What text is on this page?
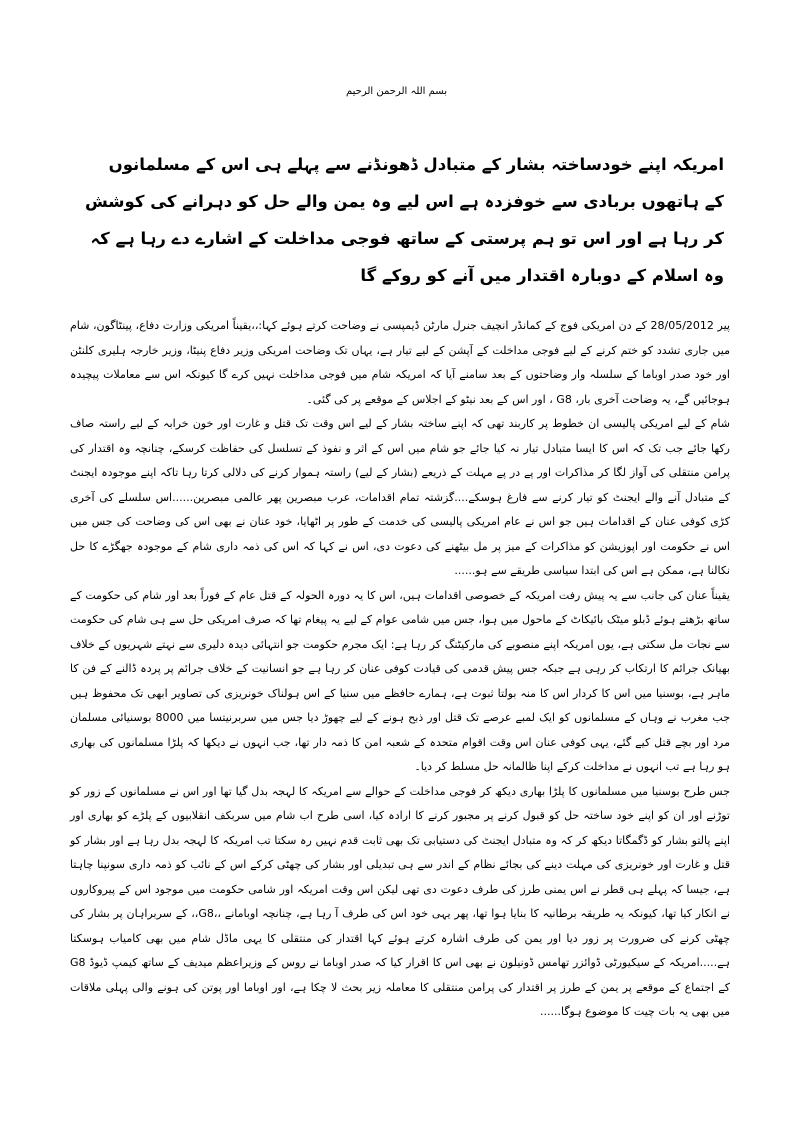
بسم اللہ الرحمن الرحیم
امریکہ اپنے خودساختہ بشار کے متبادل ڈھونڈنے سے پہلے ہی اس کے مسلمانوں کے ہاتھوں بربادی سے خوفزدہ ہے اس لیے وہ یمن والے حل کو دہرانے کی کوشش کر رہا ہے اور اس تو ہم پرستی کے ساتھ فوجی مداخلت کے اشارے دے رہا ہے کہ وہ اسلام کے دوبارہ اقتدار میں آنے کو روکے گا

پیر 28/05/2012 کے دن امریکی فوج کے کمانڈر انچیف جنرل مارٹن ڈیمپسی نے وضاحت کرتے ہوئے کہا:،،یقیناً امریکی وزارت دفاع، پینٹاگون، شام میں جاری تشدد کو ختم کرنے کے لیے فوجی مداخلت کے آپشن کے لیے تیار ہے، یہاں تک وضاحت امریکی وزیر دفاع پنیٹا، وزیر خارجہ ہلیری کلنٹن اور خود صدر اوباما کے سلسلہ وار وضاحتوں کے بعد سامنے آیا کہ امریکہ شام میں فوجی مداخلت نہیں کرے گا کیونکہ اس سے معاملات پیچیدہ ہوجائیں گے، یہ وضاحت آخری بار، G8 ، اور اس کے بعد نیٹو کے اجلاس کے موقعے پر کی گئی۔

شام کے لیے امریکی پالیسی ان خطوط پر کاربند تھی کہ اپنے ساختہ بشار کے لیے اس وقت تک قتل و غارت اور خون خرابہ کے لیے راستہ صاف رکھا جائے جب تک کہ اس کا ایسا متبادل تیار نہ کیا جائے جو شام میں اس کے اثر و نفوذ کے تسلسل کی حفاظت کرسکے، چنانچہ وہ اقتدار کی پرامن منتقلی کی آواز لگا کر مذاکرات اور پے در پے مہلت کے ذریعے (بشار کے لیے) راستہ ہموار کرنے کی دلالی کرتا رہا تاکہ اپنے موجودہ ایجنٹ کے متبادل آنے والے ایجنٹ کو تیار کرنے سے فارغ ہوسکے....گزشتہ تمام اقدامات، عرب مبصرین پھر عالمی مبصرین......اس سلسلے کی آخری کڑی کوفی عنان کے اقدامات ہیں جو اس نے عام امریکی پالیسی کی خدمت کے طور پر اٹھایا، خود عنان نے بھی اس کی وضاحت کی جس میں اس نے حکومت اور اپوزیشن کو مذاکرات کے میز پر مل بیٹھنے کی دعوت دی، اس نے کہا کہ اس کی ذمہ داری شام کے موجودہ جھگڑے کا حل نکالنا ہے، ممکن ہے اس کی ابتدا سیاسی طریقے سے ہو......

یقیناً عنان کی جانب سے یہ پیش رفت امریکہ کے خصوصی اقدامات ہیں، اس کا یہ دورہ الحولہ کے قتل عام کے فوراً بعد اور شام کی حکومت کے ساتھ بڑھتے ہوئے ڈبلو میٹک بائیکاٹ کے ماحول میں ہوا، جس میں شامی عوام کے لیے یہ پیغام تھا کہ صرف امریکی حل سے ہی شام کی حکومت سے نجات مل سکتی ہے، یوں امریکہ اپنے منصوبے کی مارکیٹنگ کر رہا ہے: ایک مجرم حکومت جو انتہائی دیدہ دلیری سے نہتے شہریوں کے خلاف بھیانک جرائم کا ارتکاب کر رہی ہے جبکہ جس پیش قدمی کی قیادت کوفی عنان کر رہا ہے جو انسانیت کے خلاف جرائم پر پردہ ڈالنے کے فن کا ماہر ہے، بوسنیا میں اس کا کردار اس کا منہ بولتا ثبوت ہے، ہمارے حافظے میں سنیا کے اس ہولناک خونریزی کی تصاویر ابھی تک محفوظ ہیں جب مغرب نے وہاں کے مسلمانوں کو ایک لمبے عرصے تک قتل اور ذبح ہونے کے لیے چھوڑ دیا جس میں سربرنیتسا میں 8000 بوسنیائی مسلمان مرد اور بچے قتل کیے گئے، یہی کوفی عنان اس وقت اقوام متحدہ کے شعبہ امن کا ذمہ دار تھا، جب انہوں نے دیکھا کہ پلڑا مسلمانوں کی بھاری ہو رہا ہے تب انہوں نے مداخلت کرکے اپنا ظالمانہ حل مسلط کر دیا۔

جس طرح بوسنیا میں مسلمانوں کا پلڑا بھاری دیکھ کر فوجی مداخلت کے حوالے سے امریکہ کا لہجہ بدل گیا تھا اور اس نے مسلمانوں کے زور کو توڑنے اور ان کو اپنے خود ساختہ حل کو قبول کرنے پر مجبور کرنے کا ارادہ کیا، اسی طرح اب شام میں سربکف انقلابیوں کے پلڑے کو بھاری اور اپنے پالتو بشار کو ڈگمگاتا دیکھ کر کہ وہ متبادل ایجنٹ کی دستیابی تک بھی ثابت قدم نہیں رہ سکتا تب امریکہ کا لہجہ بدل رہا ہے اور بشار کو قتل و غارت اور خونریزی کی مہلت دینے کی بجائے نظام کے اندر سے ہی تبدیلی اور بشار کی چھٹی کرکے اس کے نائب کو ذمہ داری سونپنا چاہتا ہے، جیسا کہ پہلے ہی قطر نے اس یمنی طرز کی طرف دعوت دی تھی لیکن اس وقت امریکہ اور شامی حکومت میں موجود اس کے پیروکاروں نے انکار کیا تھا، کیونکہ یہ طریقہ برطانیہ کا بنایا ہوا تھا، پھر یہی خود اس کی طرف آ رہا ہے، چنانچہ اوبامانے ،،G8،، کے سربراہان پر بشار کی چھٹی کرنے کی ضرورت پر زور دیا اور یمن کی طرف اشارہ کرتے ہوئے کہا اقتدار کی منتقلی کا یہی ماڈل شام میں بھی کامیاب ہوسکتا ہے.....امریکہ کے سیکیورٹی ڈوائزر تھامس ڈونیلون نے بھی اس کا اقرار کیا کہ صدر اوباما نے روس کے وزیراعظم میدیف کے ساتھ کیمپ ڈیوڈ G8 کے اجتماع کے موقعے پر یمن کے طرز پر اقتدار کی پرامن منتقلی کا معاملہ زیر بحث لا چکا ہے، اور اوباما اور پوتن کی ہونے والی پہلی ملاقات میں بھی یہ بات چیت کا موضوع ہوگا......
